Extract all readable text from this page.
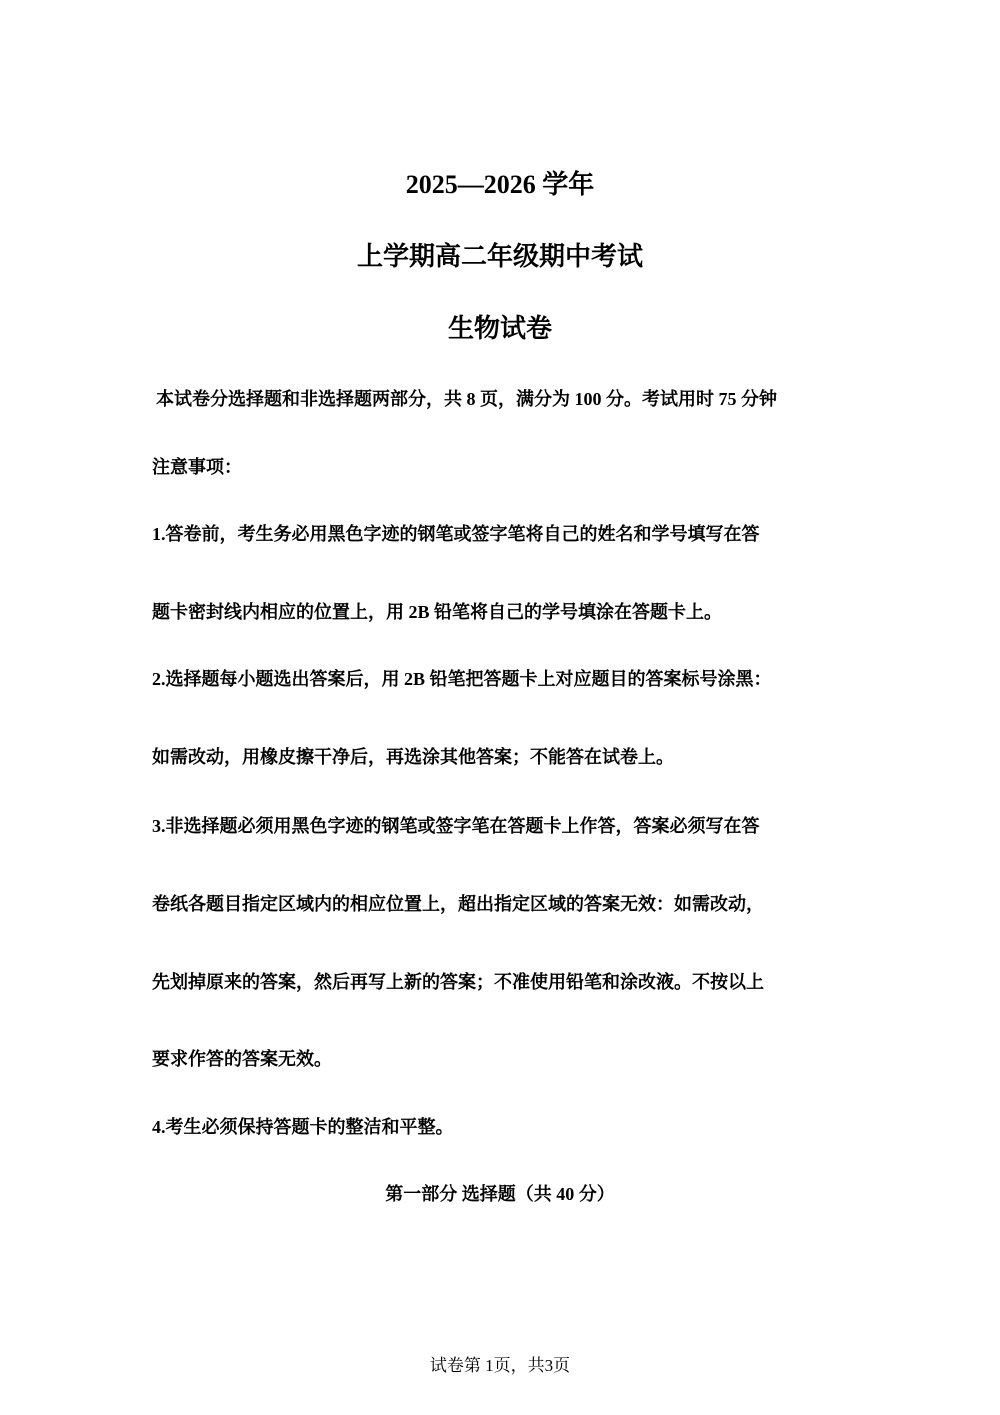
2025—2026 学年
上学期高二年级期中考试
生物试卷
本试卷分选择题和非选择题两部分，共 8 页，满分为 100 分。考试用时 75 分钟
注意事项：
1.答卷前，考生务必用黑色字迹的钢笔或签字笔将自己的姓名和学号填写在答
题卡密封线内相应的位置上，用 2B 铅笔将自己的学号填涂在答题卡上。
2.选择题每小题选出答案后，用 2B 铅笔把答题卡上对应题目的答案标号涂黑：
如需改动，用橡皮擦干净后，再选涂其他答案；不能答在试卷上。
3.非选择题必须用黑色字迹的钢笔或签字笔在答题卡上作答，答案必须写在答
卷纸各题目指定区域内的相应位置上，超出指定区域的答案无效：如需改动，
先划掉原来的答案，然后再写上新的答案；不准使用铅笔和涂改液。不按以上
要求作答的答案无效。
4.考生必须保持答题卡的整洁和平整。
第一部分 选择题（共 40 分）
试卷第 1页，共3页
